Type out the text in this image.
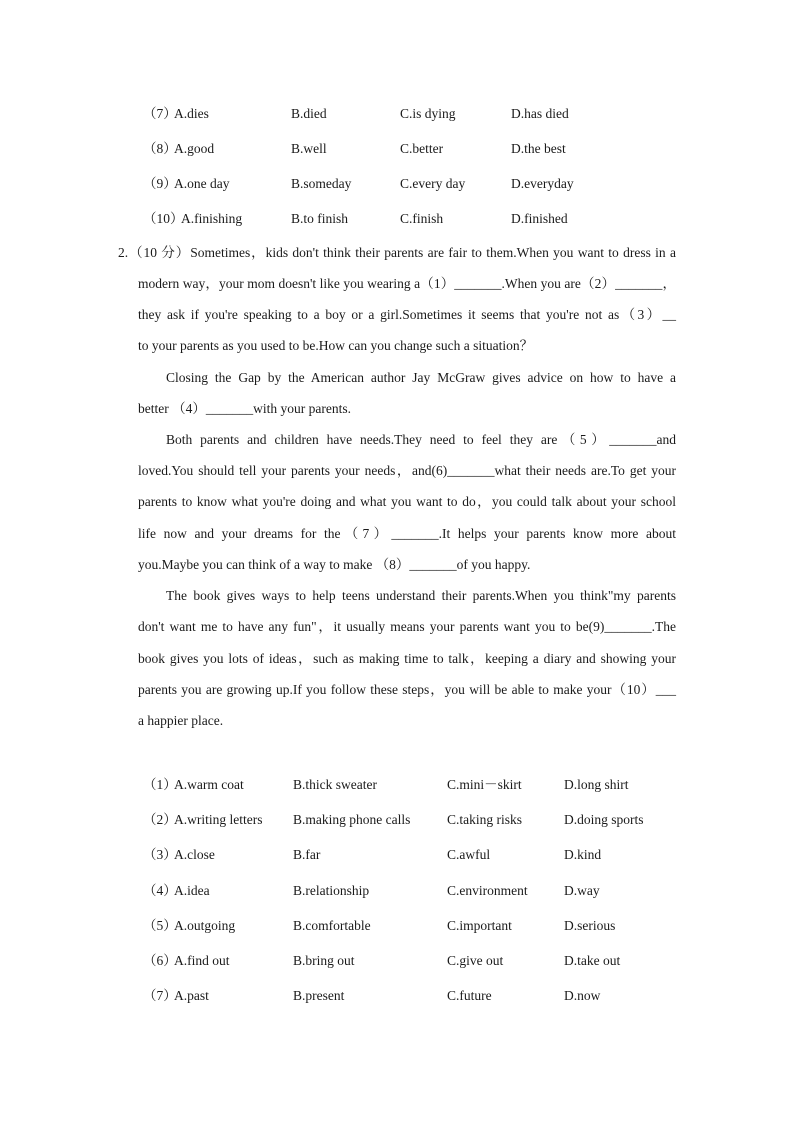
（7）
A.dies	B.died	C.is dying	D.has died
（8）
A.good	B.well	C.better	D.the best
（9）
A.one day	B.someday	C.every day	D.everyday
（10）
A.finishing	B.to finish	C.finish	D.finished
2.（10 分）Sometimes，kids don't think their parents are fair to them.When you want to dress in a
modern way，your mom doesn't like you wearing a（1）_______.When you are（2）_______，
they ask if you're speaking to a boy or a girl.Sometimes it seems that you're not as（3）__
to your parents as you used to be.How can you change such a situation？
Closing the Gap by the American author Jay McGraw gives advice on how to have a
better （4）_______with your parents.
Both parents and children have needs.They need to feel they are（5）_______and
loved.You should tell your parents your needs，and(6)_______what their needs are.To get your
parents to know what you're doing and what you want to do，you could talk about your school
life now and your dreams for the（7）_______.It helps your parents know more about
you.Maybe you can think of a way to make （8）_______of you happy.
The book gives ways to help teens understand their parents.When you think"my parents
don't want me to have any fun"，it usually means your parents want you to be(9)_______.The
book gives you lots of ideas，such as making time to talk，keeping a diary and showing your
parents you are growing up.If you follow these steps，you will be able to make your（10）___
a happier place.
（1）
A.warm coat	B.thick sweater	C.mini－skirt	D.long shirt
（2）
A.writing letters B.making phone calls	C.taking risks	D.doing sports
（3）
A.close	B.far	C.awful	D.kind
（4）
A.idea	B.relationship	C.environment	D.way
（5）
A.outgoing	B.comfortable	C.important	D.serious
（6）
A.find out	B.bring out	C.give out	D.take out
（7）
A.past	B.present	C.future	D.now
